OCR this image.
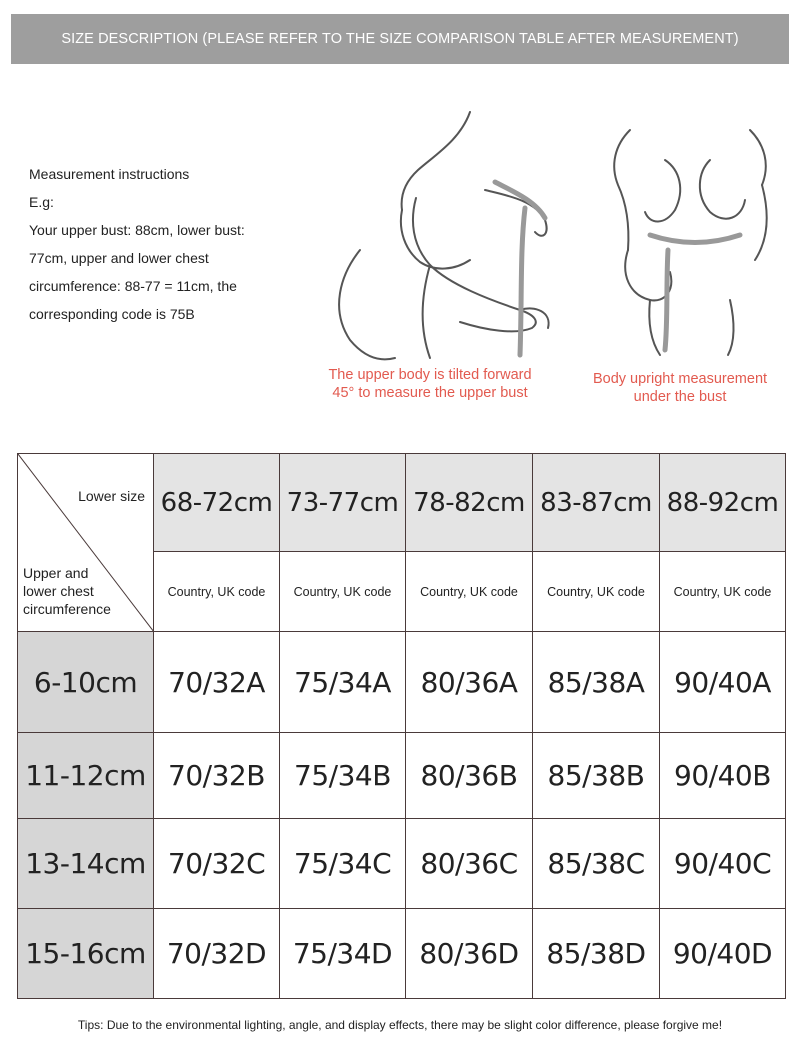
SIZE DESCRIPTION (PLEASE REFER TO THE SIZE COMPARISON TABLE AFTER MEASUREMENT)
Measurement instructions
E.g:
Your upper bust: 88cm, lower bust:
77cm, upper and lower chest
circumference: 88-77 = 11cm, the
corresponding code is 75B
The upper body is tilted forward
45° to measure the upper bust
Body upright measurement
under the bust
Lower size
Upper and
lower chest
circumference	68-72cm	73-77cm	78-82cm	83-87cm	88-92cm
	Country, UK code	Country, UK code	Country, UK code	Country, UK code	Country, UK code
6-10cm	70/32A	75/34A	80/36A	85/38A	90/40A
11-12cm	70/32B	75/34B	80/36B	85/38B	90/40B
13-14cm	70/32C	75/34C	80/36C	85/38C	90/40C
15-16cm	70/32D	75/34D	80/36D	85/38D	90/40D
Tips: Due to the environmental lighting, angle, and display effects, there may be slight color difference, please forgive me!
